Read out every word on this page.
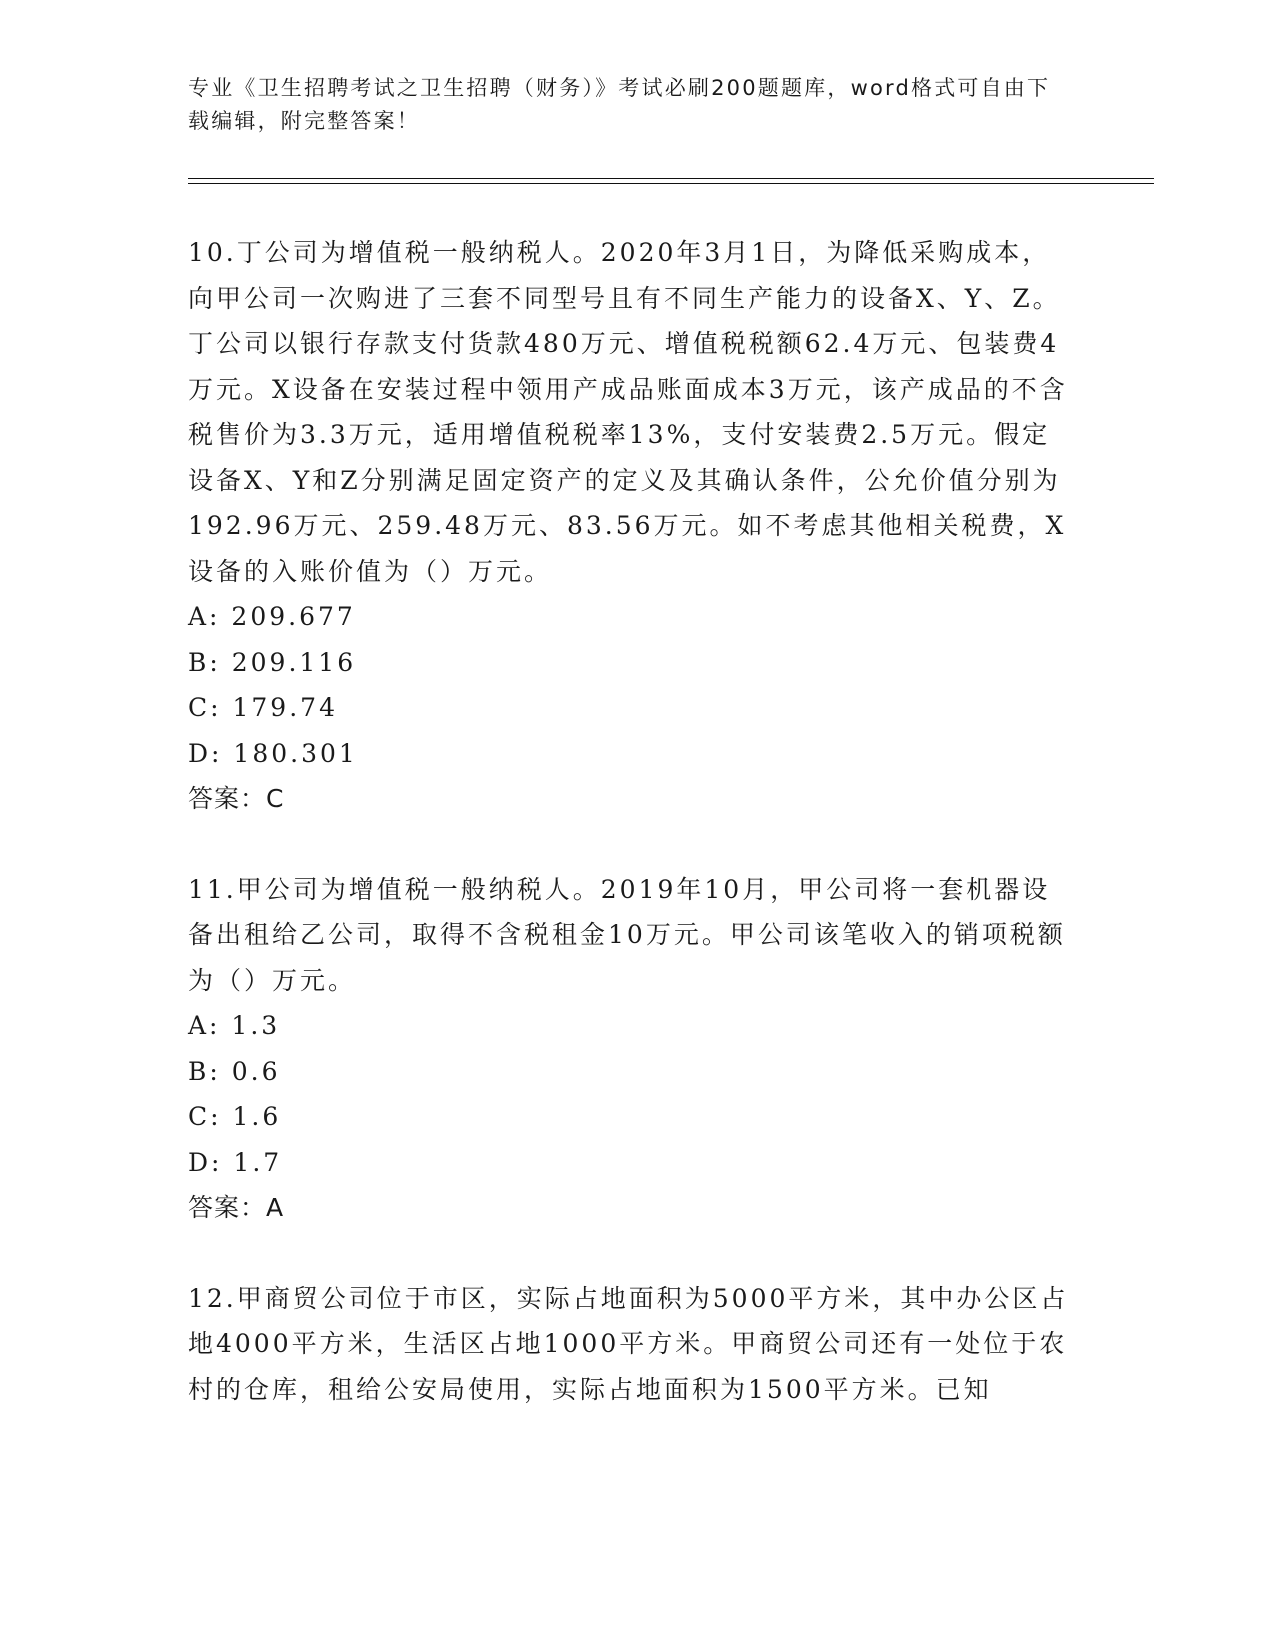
专业《卫生招聘考试之卫生招聘（财务）》考试必刷200题题库，word格式可自由下载编辑，附完整答案！

10.丁公司为增值税一般纳税人。2020年3月1日，为降低采购成本，向甲公司一次购进了三套不同型号且有不同生产能力的设备X、Y、Z。丁公司以银行存款支付货款480万元、增值税税额62.4万元、包装费4万元。X设备在安装过程中领用产成品账面成本3万元，该产成品的不含税售价为3.3万元，适用增值税税率13%，支付安装费2.5万元。假定设备X、Y和Z分别满足固定资产的定义及其确认条件，公允价值分别为192.96万元、259.48万元、83.56万元。如不考虑其他相关税费，X设备的入账价值为（）万元。

A: 209.677

B: 209.116

C: 179.74

D: 180.301

答案：C

11.甲公司为增值税一般纳税人。2019年10月，甲公司将一套机器设备出租给乙公司，取得不含税租金10万元。甲公司该笔收入的销项税额为（）万元。

A: 1.3

B: 0.6

C: 1.6

D: 1.7

答案：A

12.甲商贸公司位于市区，实际占地面积为5000平方米，其中办公区占地4000平方米，生活区占地1000平方米。甲商贸公司还有一处位于农村的仓库，租给公安局使用，实际占地面积为1500平方米。已知
